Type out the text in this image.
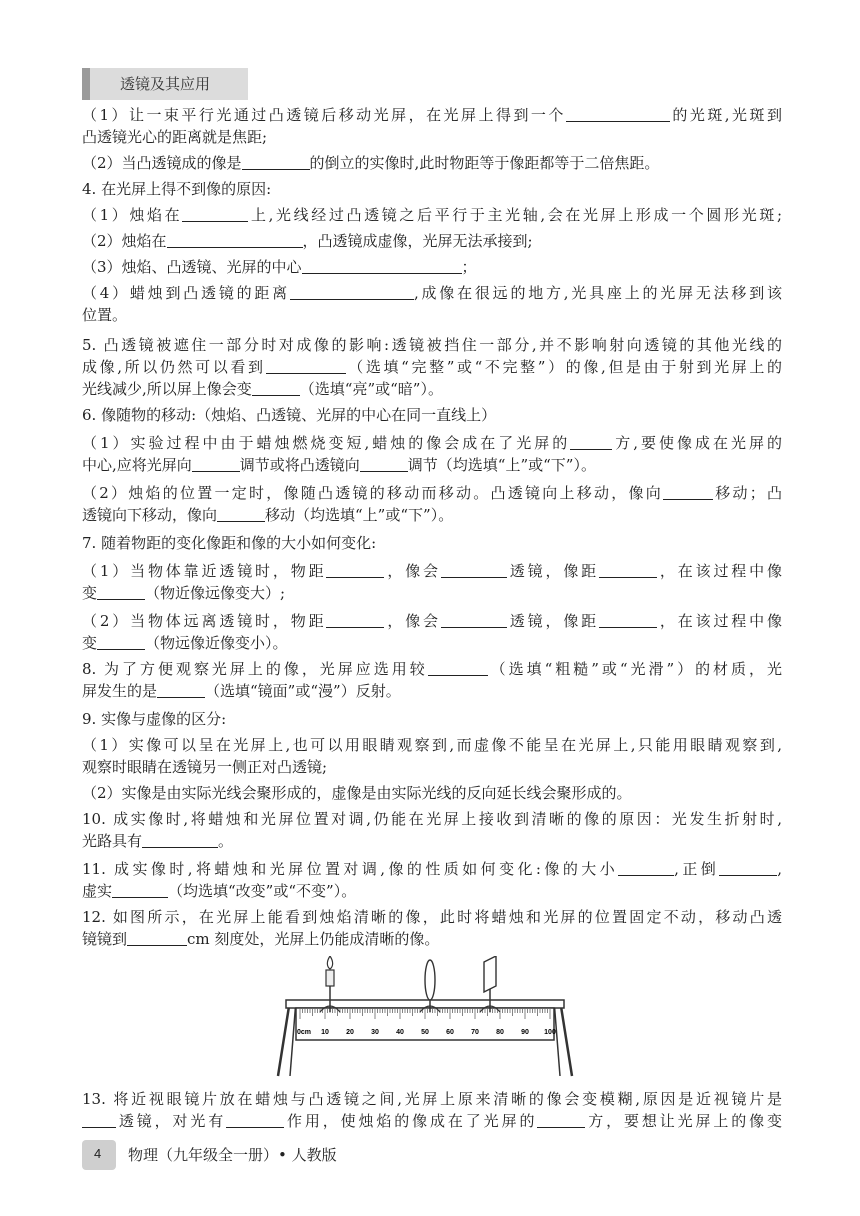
透镜及其应用
（1）让一束平行光通过凸透镜后移动光屏，在光屏上得到一个	的光斑,光斑到
凸透镜光心的距离就是焦距;
（2）当凸透镜成的像是	的倒立的实像时,此时物距等于像距都等于二倍焦距。
4. 在光屏上得不到像的原因:
（1）烛焰在	上,光线经过凸透镜之后平行于主光轴,会在光屏上形成一个圆形光斑;
（2）烛焰在	，凸透镜成虚像，光屏无法承接到;
（3）烛焰、凸透镜、光屏的中心	；
（4）蜡烛到凸透镜的距离	,成像在很远的地方,光具座上的光屏无法移到该
位置。
5. 凸透镜被遮住一部分时对成像的影响:透镜被挡住一部分,并不影响射向透镜的其他光线的
成像,所以仍然可以看到	（选填“完整”或“不完整”）的像,但是由于射到光屏上的
光线减少,所以屏上像会变	（选填“亮”或“暗”）。
6. 像随物的移动:（烛焰、凸透镜、光屏的中心在同一直线上）
（1）实验过程中由于蜡烛燃烧变短,蜡烛的像会成在了光屏的	方,要使像成在光屏的
中心,应将光屏向	调节或将凸透镜向	调节（均选填“上”或“下”）。
（2）烛焰的位置一定时，像随凸透镜的移动而移动。凸透镜向上移动，像向	移动；凸
透镜向下移动，像向	移动（均选填“上”或“下”）。
7. 随着物距的变化像距和像的大小如何变化:
（1）当物体靠近透镜时，物距	，像会	透镜，像距	，在该过程中像
变	（物近像远像变大）;
（2）当物体远离透镜时，物距	，像会	透镜，像距	，在该过程中像
变	（物远像近像变小）。
8. 为了方便观察光屏上的像，光屏应选用较	（选填“粗糙”或“光滑”）的材质，光
屏发生的是	（选填“镜面”或“漫”）反射。
9. 实像与虚像的区分:
（1）实像可以呈在光屏上,也可以用眼睛观察到,而虚像不能呈在光屏上,只能用眼睛观察到,
观察时眼睛在透镜另一侧正对凸透镜;
（2）实像是由实际光线会聚形成的，虚像是由实际光线的反向延长线会聚形成的。
10. 成实像时,将蜡烛和光屏位置对调,仍能在光屏上接收到清晰的像的原因：光发生折射时,
光路具有	。
11. 成实像时,将蜡烛和光屏位置对调,像的性质如何变化:像的大小	,正倒	,
虚实	（均选填“改变”或“不变”）。
12. 如图所示，在光屏上能看到烛焰清晰的像，此时将蜡烛和光屏的位置固定不动，移动凸透
镜镜到	cm 刻度处，光屏上仍能成清晰的像。
13. 将近视眼镜片放在蜡烛与凸透镜之间,光屏上原来清晰的像会变模糊,原因是近视镜片是
透镜，对光有	作用，使烛焰的像成在了光屏的	方，要想让光屏上的像变
0cm 10 20 30 40 50 60 70 80 90 100
4 物理（九年级全一册）• 人教版
